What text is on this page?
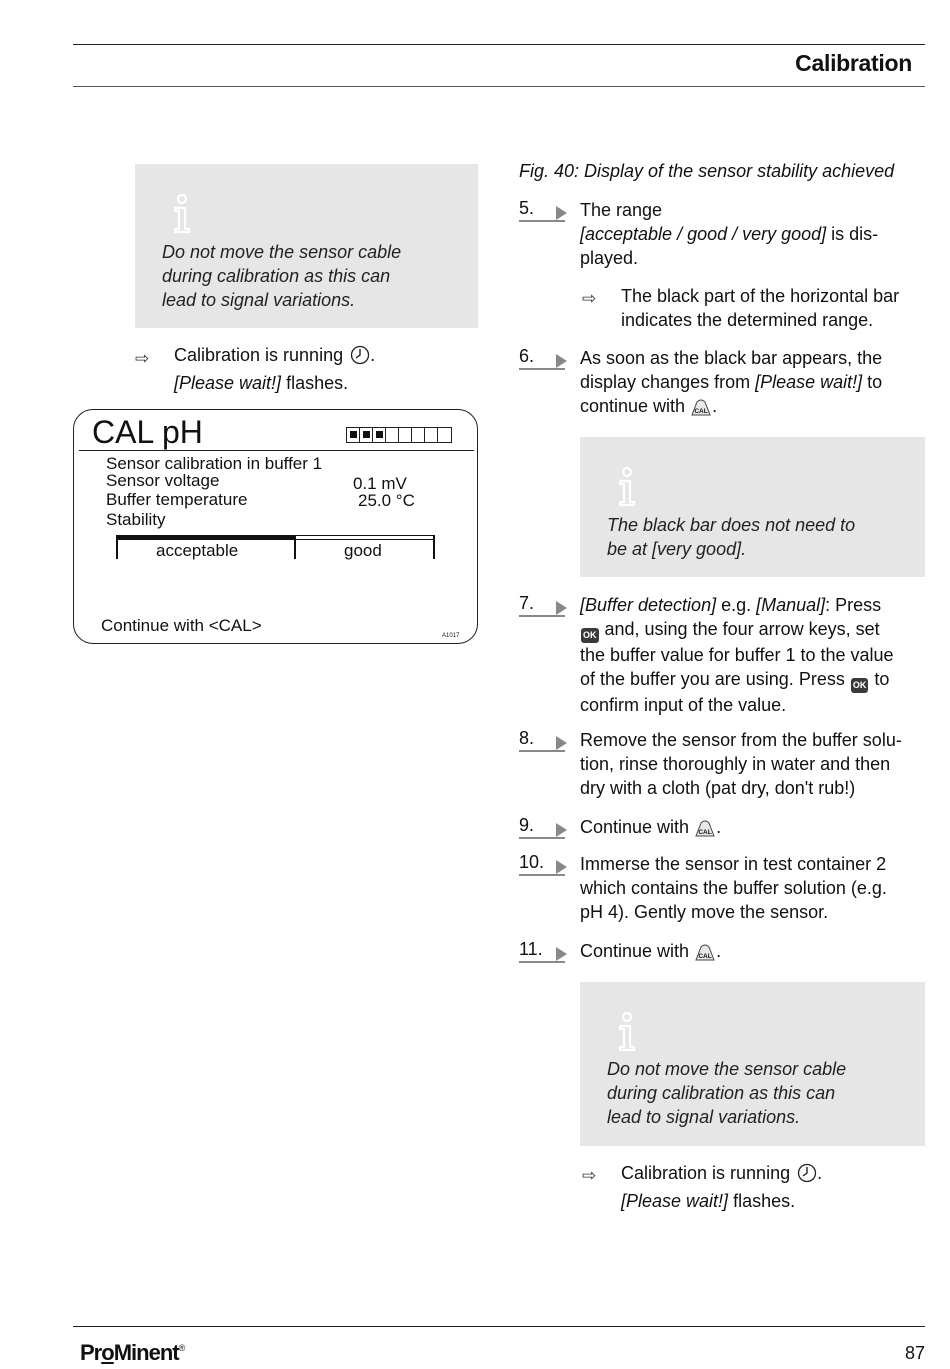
Calibration
Do not move the sensor cable
during calibration as this can
lead to signal variations.
⇨ Calibration is running .
[Please wait!] flashes.
CAL pH
Sensor calibration in buffer 1
Sensor voltage	0.1 mV
Buffer temperature	25.0 °C
Stability
acceptable	good
Continue with <CAL>
A1017
Fig. 40: Display of the sensor stability achieved
5.	The range
[acceptable / good / very good] is dis-
played.
⇨ The black part of the horizontal bar
indicates the determined range.
6.	As soon as the black bar appears, the
display changes from [Please wait!] to
continue with CAL .
The black bar does not need to
be at [very good].
7.	[Buffer detection] e.g. [Manual]: Press
OK and, using the four arrow keys, set
the buffer value for buffer 1 to the value
of the buffer you are using. Press OK to
confirm input of the value.
8.	Remove the sensor from the buffer solu-
tion, rinse thoroughly in water and then
dry with a cloth (pat dry, don't rub!)
9.	Continue with CAL .
10. Immerse the sensor in test container 2
which contains the buffer solution (e.g.
pH 4). Gently move the sensor.
11. Continue with CAL .
Do not move the sensor cable
during calibration as this can
lead to signal variations.
⇨ Calibration is running .
[Please wait!] flashes.
ProMinent®	87
